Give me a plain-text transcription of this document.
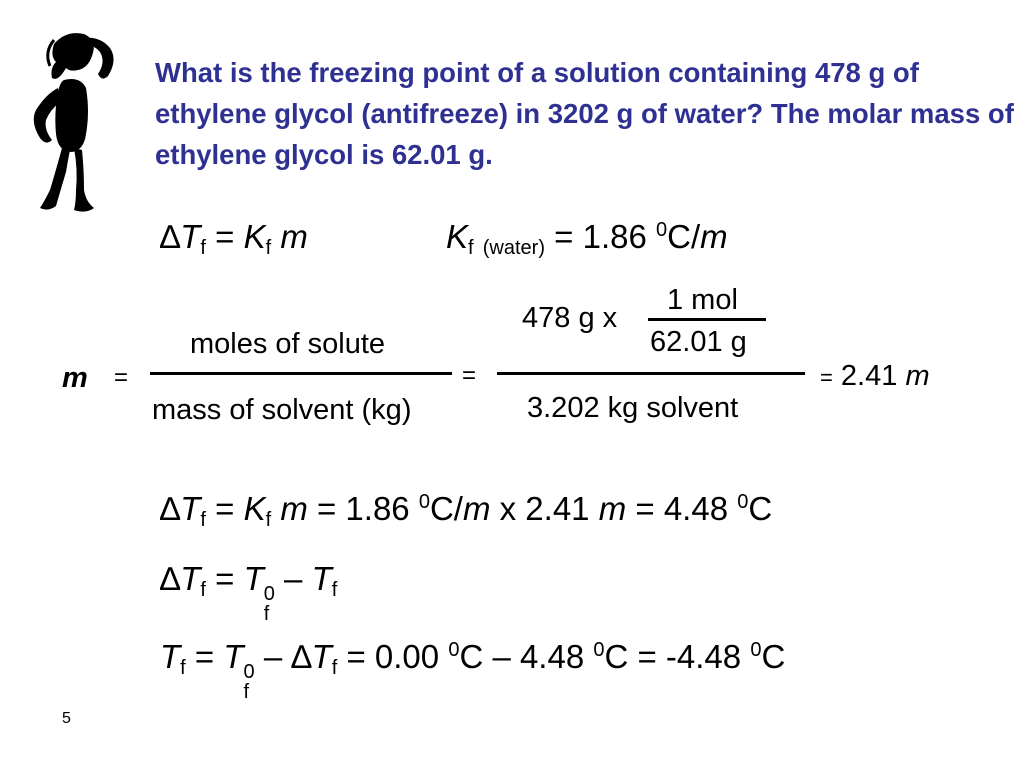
What is the freezing point of a solution containing 478 g of ethylene glycol (antifreeze) in 3202 g of water? The molar mass of ethylene glycol is 62.01 g.
$\Delta T_f = K_f$ m	$K_f$ $_{(water)}$ = 1.86 $^0$C/m
m =
moles of solute
mass of solvent (kg)
=
478 g x
1 mol
62.01 g
3.202 kg solvent
= 2.41 m
$\Delta T_f = K_f$ m = 1.86 $^0$C/m x 2.41 m = 4.48 $^0$C
$\Delta T_f = T$ 0
f
– $T_f$
$T_f = T$ 0
f
– $\Delta T_f = 0.00$ $^0$C – 4.48 $^0$C = -4.48 $^0$C
5
